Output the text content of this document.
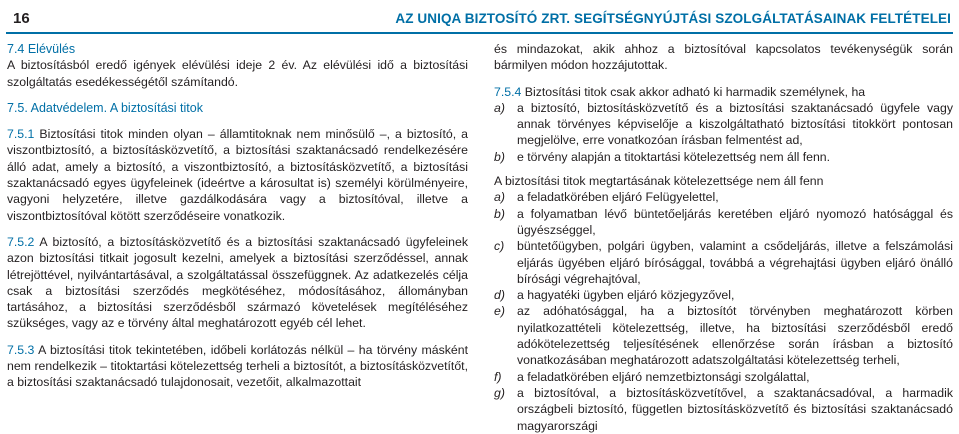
16	AZ UNIQA BIZTOSÍTÓ ZRT. SEGÍTSÉGNYÚJTÁSI SZOLGÁLTATÁSAINAK FELTÉTELEI
7.4 Elévülés
A biztosításból eredő igények elévülési ideje 2 év. Az elévülési idő a biztosítási szolgáltatás esedékességétől számítandó.
7.5. Adatvédelem. A biztosítási titok
7.5.1 Biztosítási titok minden olyan – államtitoknak nem minősülő –, a biztosító, a viszontbiztosító, a biztosításközvetítő, a biztosítási szaktanácsadó rendelkezésére álló adat, amely a biztosító, a viszontbiztosító, a biztosításközvetítő, a biztosítási szaktanácsadó egyes ügyfeleinek (ideértve a károsultat is) személyi körülményeire, vagyoni helyzetére, illetve gazdálkodására vagy a biztosítóval, illetve a viszontbiztosítóval kötött szerződéseire vonatkozik.
7.5.2 A biztosító, a biztosításközvetítő és a biztosítási szaktanácsadó ügyfeleinek azon biztosítási titkait jogosult kezelni, amelyek a biztosítási szerződéssel, annak létrejöttével, nyilvántartásával, a szolgáltatással összefüggnek. Az adatkezelés célja csak a biztosítási szerződés megkötéséhez, módosításához, állományban tartásához, a biztosítási szerződésből származó követelések megítéléséhez szükséges, vagy az e törvény által meghatározott egyéb cél lehet.
7.5.3 A biztosítási titok tekintetében, időbeli korlátozás nélkül – ha törvény másként nem rendelkezik – titoktartási kötelezettség terheli a biztosítót, a biztosításközvetítőt, a biztosítási szaktanácsadó tulajdonosait, vezetőit, alkalmazottait
és mindazokat, akik ahhoz a biztosítóval kapcsolatos tevékenységük során bármilyen módon hozzájutottak.
7.5.4 Biztosítási titok csak akkor adható ki harmadik személynek, ha
a) a biztosító, biztosításközvetítő és a biztosítási szaktanácsadó ügyfele vagy annak törvényes képviselője a kiszolgáltatható biztosítási titokkört pontosan megjelölve, erre vonatkozóan írásban felmentést ad,
b) e törvény alapján a titoktartási kötelezettség nem áll fenn.
A biztosítási titok megtartásának kötelezettsége nem áll fenn
a) a feladatkörében eljáró Felügyelettel,
b) a folyamatban lévő büntetőeljárás keretében eljáró nyomozó hatósággal és ügyészséggel,
c) büntetőügyben, polgári ügyben, valamint a csődeljárás, illetve a felszámolási eljárás ügyében eljáró bírósággal, továbbá a végrehajtási ügyben eljáró önálló bírósági végrehajtóval,
d) a hagyatéki ügyben eljáró közjegyzővel,
e) az adóhatósággal, ha a biztosítót törvényben meghatározott körben nyilatkozattételi kötelezettség, illetve, ha biztosítási szerződésből eredő adókötelezettség teljesítésének ellenőrzése során írásban a biztosító vonatkozásában meghatározott adatszolgáltatási kötelezettség terheli,
f) a feladatkörében eljáró nemzetbiztonsági szolgálattal,
g) a biztosítóval, a biztosításközvetítővel, a szaktanácsadóval, a harmadik országbeli biztosító, független biztosításközvetítő és biztosítási szaktanácsadó magyarországi
